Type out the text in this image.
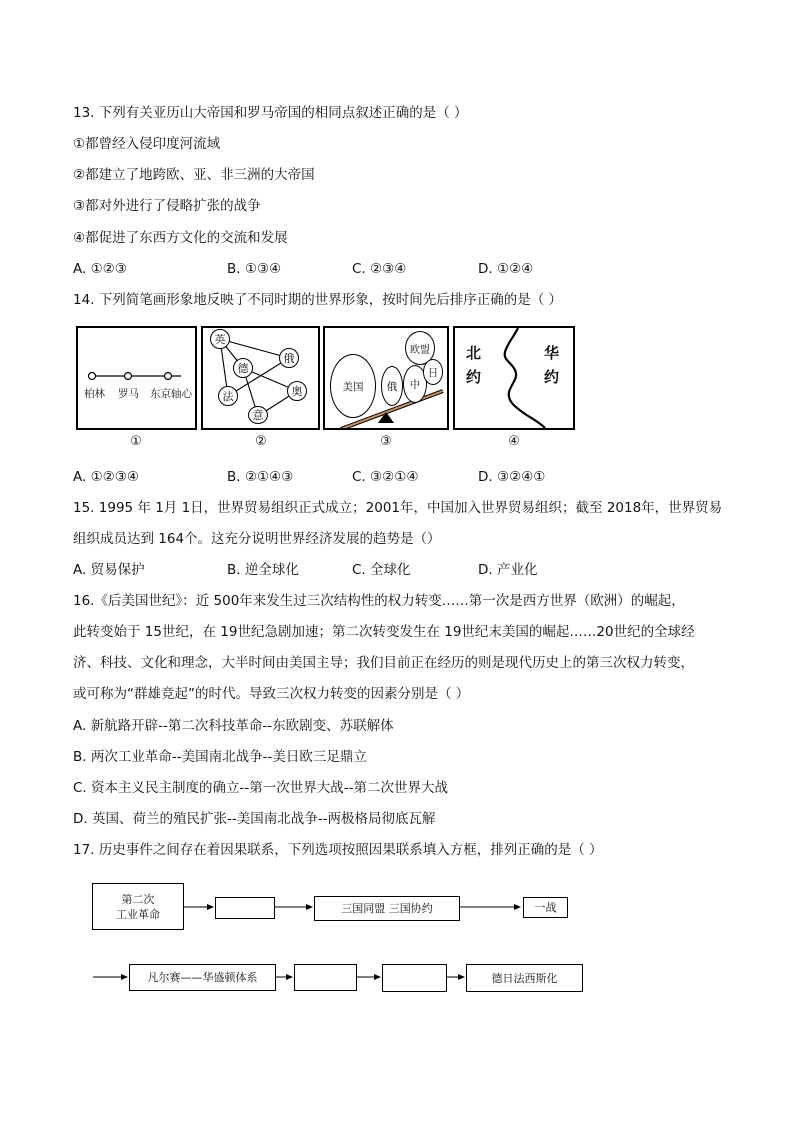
13. 下列有关亚历山大帝国和罗马帝国的相同点叙述正确的是（ ）
①都曾经入侵印度河流域
②都建立了地跨欧、亚、非三洲的大帝国
③都对外进行了侵略扩张的战争
④都促进了东西方文化的交流和发展
A. ①②③	B. ①③④	C. ②③④	D. ①②④
14. 下列简笔画形象地反映了不同时期的世界形象，按时间先后排序正确的是（ ）
柏林 罗马 东京轴心
英
德
俄
法
意
奥	美国	俄	中
欧盟
日
北
约
华
约
①	②	③	④
A. ①②③④	B. ②①④③	C. ③②①④	D. ③②④①
15. 1995 年 1月 1日，世界贸易组织正式成立；2001年，中国加入世界贸易组织；截至 2018年，世界贸易
组织成员达到 164个。这充分说明世界经济发展的趋势是（）
A. 贸易保护	B. 逆全球化	C. 全球化	D. 产业化
16.《后美国世纪》：近 500年来发生过三次结构性的权力转变……第一次是西方世界（欧洲）的崛起，
此转变始于 15世纪，在 19世纪急剧加速；第二次转变发生在 19世纪末美国的崛起……20世纪的全球经
济、科技、文化和理念，大半时间由美国主导；我们目前正在经历的则是现代历史上的第三次权力转变，
或可称为“群雄竞起”的时代。导致三次权力转变的因素分别是（ ）
A. 新航路开辟--第二次科技革命--东欧剧变、苏联解体
B. 两次工业革命--美国南北战争--美日欧三足鼎立
C. 资本主义民主制度的确立--第一次世界大战--第二次世界大战
D. 英国、荷兰的殖民扩张--美国南北战争--两极格局彻底瓦解
17. 历史事件之间存在着因果联系，下列选项按照因果联系填入方框，排列正确的是（ ）
第二次
工业革命	三国同盟 三国协约	一战
凡尔赛——华盛顿体系	德日法西斯化
